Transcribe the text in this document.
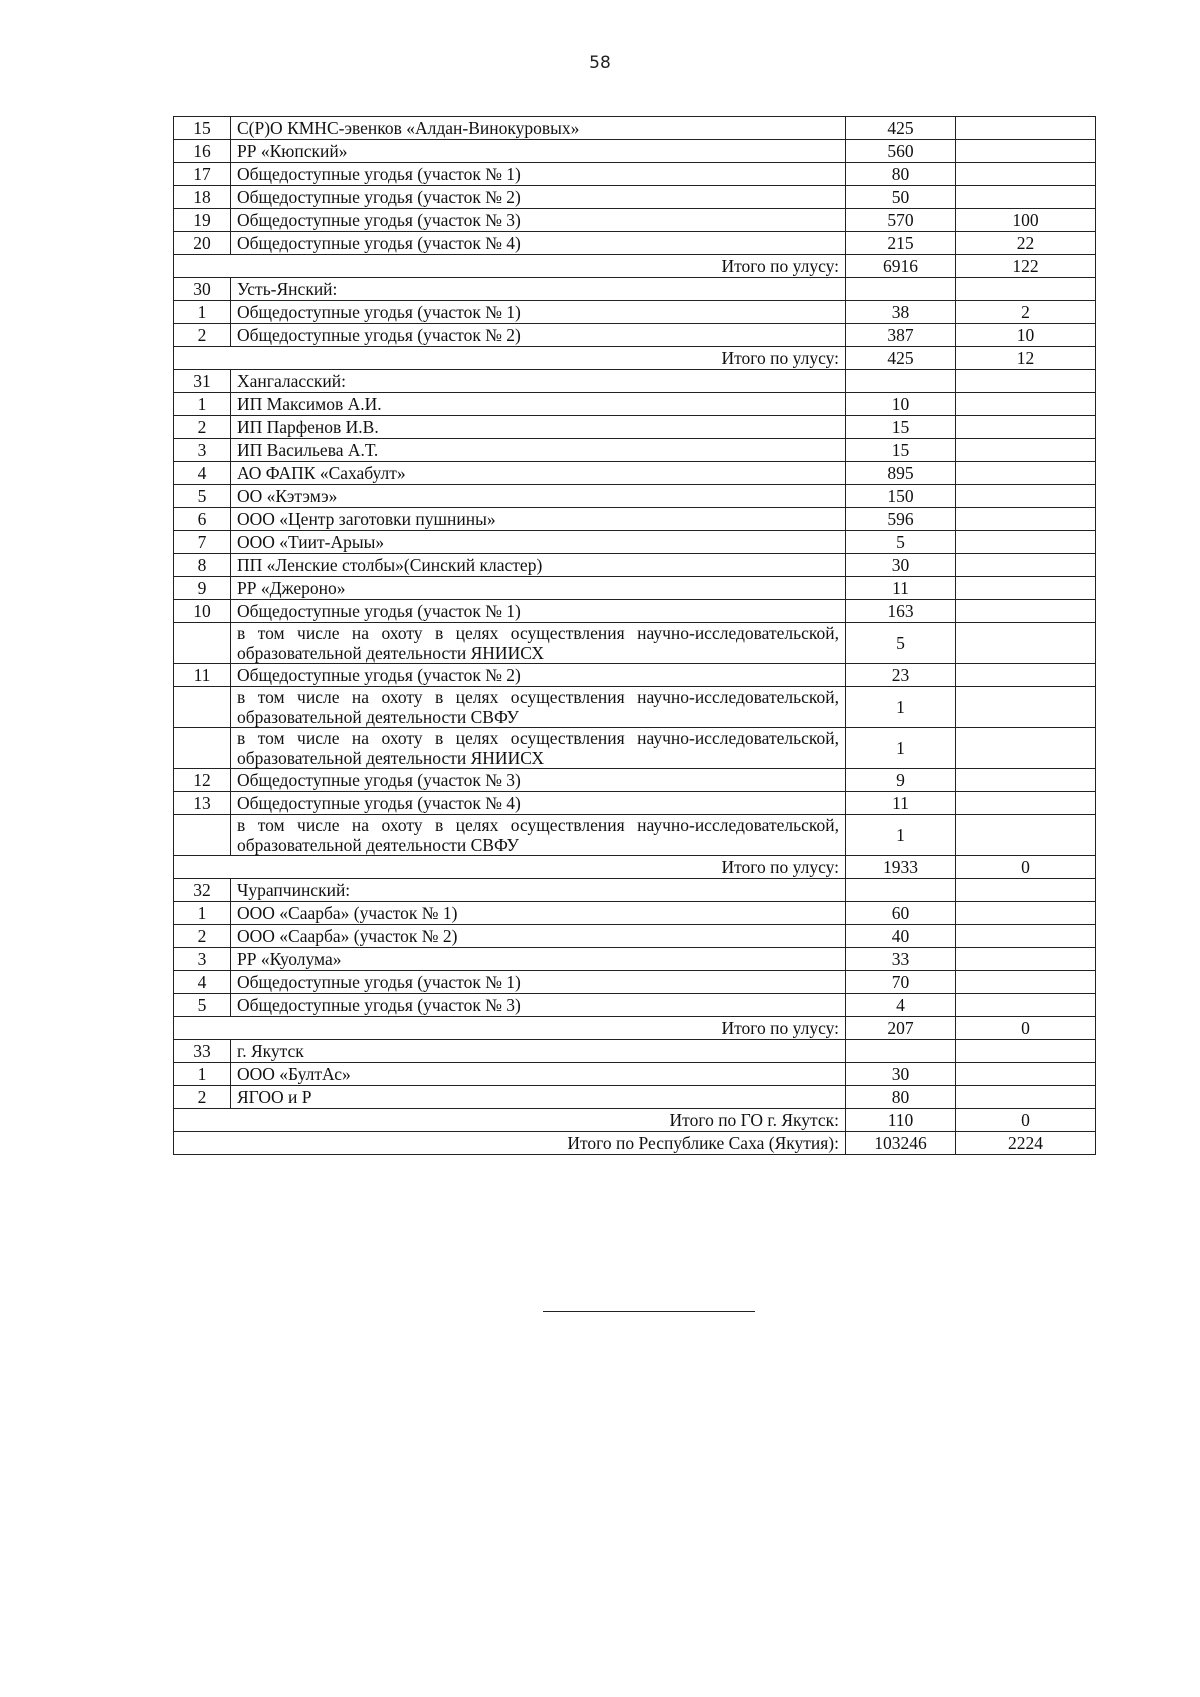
58
15	С(Р)О КМНС-эвенков «Алдан-Винокуровых»	425	
16	РР «Кюпский»	560	
17	Общедоступные угодья (участок № 1)	80	
18	Общедоступные угодья (участок № 2)	50	
19	Общедоступные угодья (участок № 3)	570	100
20	Общедоступные угодья (участок № 4)	215	22
Итого по улусу:		6916	122
30	Усть-Янский:		
1	Общедоступные угодья (участок № 1)	38	2
2	Общедоступные угодья (участок № 2)	387	10
Итого по улусу:		425	12
31	Хангаласский:		
1	ИП Максимов А.И.	10	
2	ИП Парфенов И.В.	15	
3	ИП Васильева А.Т.	15	
4	АО ФАПК «Сахабулт»	895	
5	ОО «Кэтэмэ»	150	
6	ООО «Центр заготовки пушнины»	596	
7	ООО «Тиит-Арыы»	5	
8	ПП «Ленские столбы»(Синский кластер)	30	
9	РР «Джероно»	11	
10	Общедоступные угодья (участок № 1)	163	
	в том числе на охоту в целях осуществления научно-исследовательской, образовательной деятельности ЯНИИСХ	5	
11	Общедоступные угодья (участок № 2)	23	
	в том числе на охоту в целях осуществления научно-исследовательской, образовательной деятельности СВФУ	1	
	в том числе на охоту в целях осуществления научно-исследовательской, образовательной деятельности ЯНИИСХ	1	
12	Общедоступные угодья (участок № 3)	9	
13	Общедоступные угодья (участок № 4)	11	
	в том числе на охоту в целях осуществления научно-исследовательской, образовательной деятельности СВФУ	1	
Итого по улусу:		1933	0
32	Чурапчинский:		
1	ООО «Саарба» (участок № 1)	60	
2	ООО «Саарба» (участок № 2)	40	
3	РР «Куолума»	33	
4	Общедоступные угодья (участок № 1)	70	
5	Общедоступные угодья (участок № 3)	4	
Итого по улусу:		207	0
33	г. Якутск		
1	ООО «БултАс»	30	
2	ЯГОО и Р	80	
Итого по ГО г. Якутск:		110	0
Итого по Республике Саха (Якутия):		103246	2224
